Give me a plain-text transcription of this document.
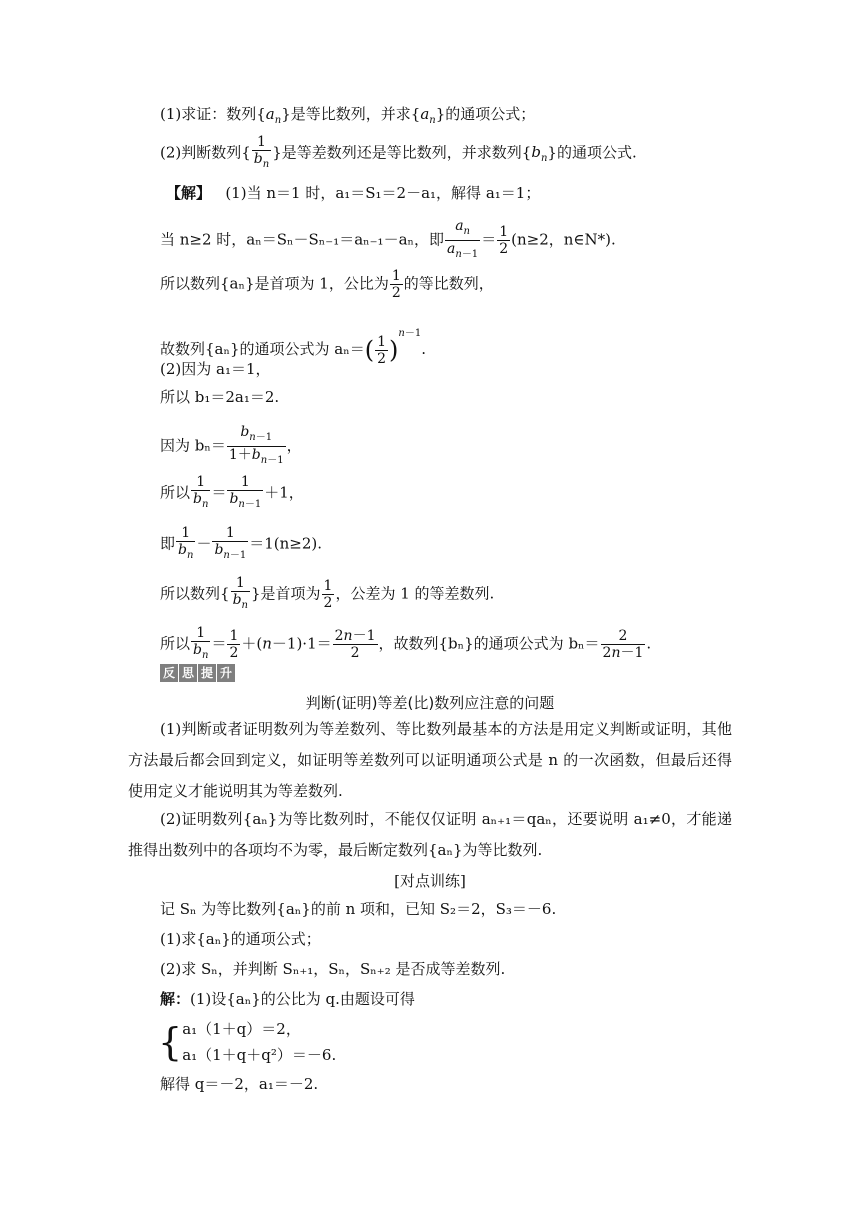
(1)求证：数列$\{a_n\}$是等比数列，并求$\{a_n\}$的通项公式；
(2)判断数列{ $\frac{1}{b_n}$ }是等差数列还是等比数列，并求数列$\{b_n\}$的通项公式.
【解】 (1)当 n＝1 时，a₁＝S₁＝2－a₁，解得 a₁＝1；
当 n≥2 时，aₙ＝Sₙ－Sₙ₋₁＝aₙ₋₁－aₙ，即 $\frac{a_n}{a_{n-1}} = \frac{1}{2} (n\ge 2$，n∈N*).
所以数列{aₙ}是首项为 1，公比为 $\frac{1}{2}$ 的等比数列，
故数列{aₙ}的通项公式为 $a_n=( \frac{1}{2} )^{n-1}$.
(2)因为 a₁＝1，
所以 b₁＝2a₁＝2.
因为 $b_n= \frac{b_{n-1}}{1+b_{n-1}}$ ，
所以 $\frac{1}{b_n} = \frac{1}{b_{n-1}} +1$，
即 $\frac{1}{b_n} - \frac{1}{b_{n-1}} =1(n\ge 2)$.
所以数列{ $\frac{1}{b_n}$ }是首项为 $\frac{1}{2}$ ，公差为 1 的等差数列.
所以 $\frac{1}{b_n} = \frac{1}{2} +(n-1)\cdot 1= \frac{2n-1}{2}$ ，故数列{bₙ}的通项公式为 $b_n= \frac{2}{2n-1}$ .
反 思 提 升
判断(证明)等差(比)数列应注意的问题
(1)判断或者证明数列为等差数列、等比数列最基本的方法是用定义判断或证明，其他方法最后都会回到定义，如证明等差数列可以证明通项公式是 n 的一次函数，但最后还得使用定义才能说明其为等差数列.
(2)证明数列{aₙ}为等比数列时，不能仅仅证明 aₙ₊₁＝qaₙ，还要说明 a₁≠0，才能递推得出数列中的各项均不为零，最后断定数列{aₙ}为等比数列.
[对点训练]
记 Sₙ 为等比数列{aₙ}的前 n 项和，已知 S₂＝2，S₃＝－6.
(1)求{aₙ}的通项公式；
(2)求 Sₙ，并判断 Sₙ₊₁，Sₙ，Sₙ₊₂ 是否成等差数列.
解：(1)设{aₙ}的公比为 q.由题设可得
{ a₁（1＋q）＝2，
a₁（1＋q＋q²）＝－6.
解得 q＝－2，a₁＝－2.
